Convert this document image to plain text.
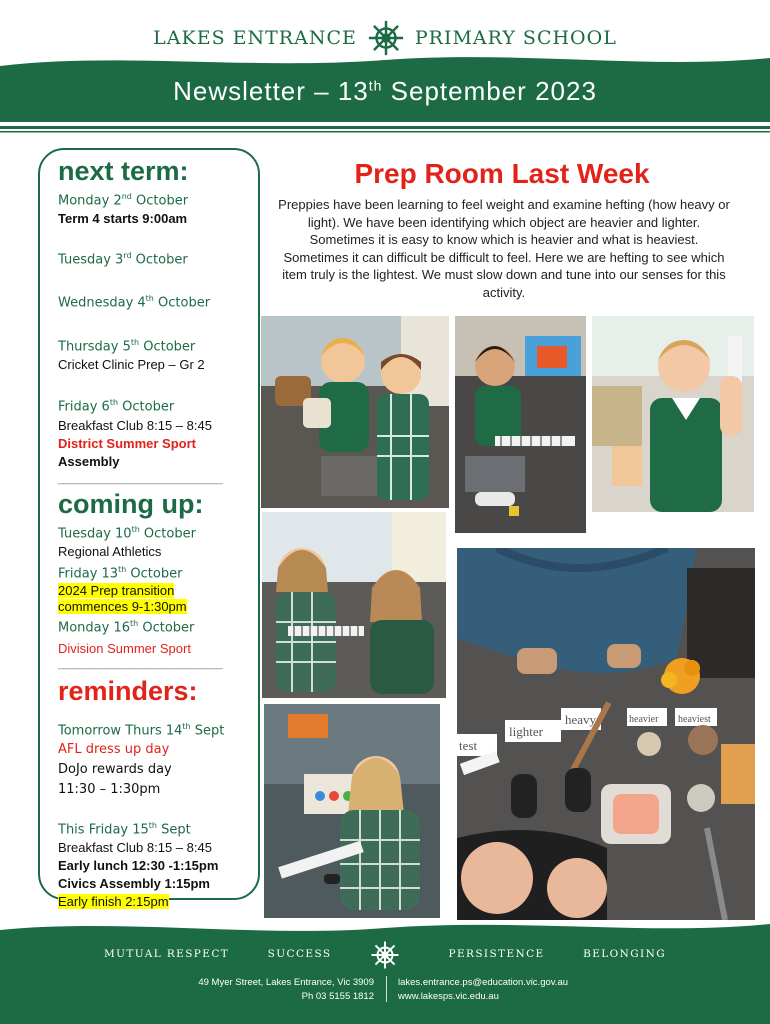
LAKES ENTRANCE	PRIMARY SCHOOL
Newsletter – 13th September 2023
next term:
Monday 2nd October
Term 4 starts 9:00am
Tuesday 3rd October
Wednesday 4th October
Thursday 5th October
Cricket Clinic Prep – Gr 2
Friday 6th October
Breakfast Club 8:15 – 8:45
District Summer Sport
Assembly
________________________________
coming up:
Tuesday 10th October
Regional Athletics
Friday 13th October
2024 Prep transition
commences 9-1:30pm
Monday 16th October
Division Summer Sport
________________________________
reminders:
Tomorrow Thurs 14th Sept
AFL dress up day
DoJo rewards day
11:30 – 1:30pm
This Friday 15th Sept
Breakfast Club 8:15 – 8:45
Early lunch 12:30 -1:15pm
Civics Assembly 1:15pm
Early finish 2:15pm
Prep Room Last Week
Preppies have been learning to feel weight and examine hefting (how heavy or light). We have been identifying which object are heavier and lighter. Sometimes it is easy to know which is heavier and what is heaviest. Sometimes it can difficult be difficult to feel. Here we are hefting to see which item truly is the lightest. We must slow down and tune into our senses for this activity.
lighter
heavy	heavier heaviest
test
MUTUAL RESPECT	SUCCESS	PERSISTENCE	BELONGING
49 Myer Street, Lakes Entrance, Vic 3909
Ph 03 5155 1812
lakes.entrance.ps@education.vic.gov.au
www.lakesps.vic.edu.au
